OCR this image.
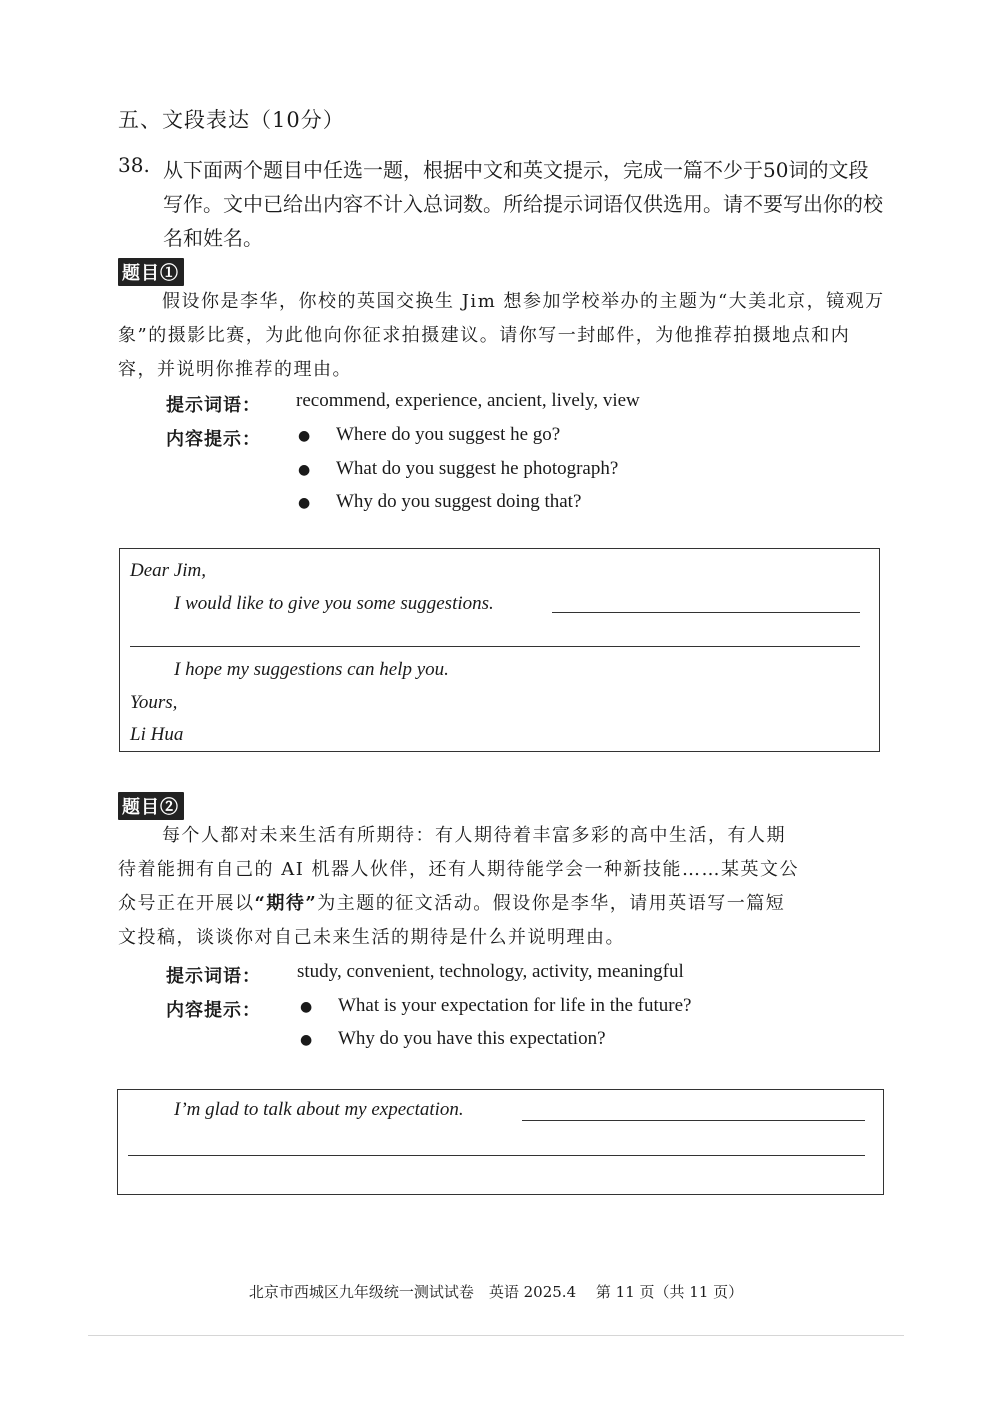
五、文段表达（10分）
38. 从下面两个题目中任选一题，根据中文和英文提示，完成一篇不少于50词的文段写作。文中已给出内容不计入总词数。所给提示词语仅供选用。请不要写出你的校名和姓名。
题目①
假设你是李华，你校的英国交换生 Jim 想参加学校举办的主题为“大美北京，镜观万象”的摄影比赛，为此他向你征求拍摄建议。请你写一封邮件，为他推荐拍摄地点和内容，并说明你推荐的理由。
提示词语： recommend, experience, ancient, lively, view
内容提示：	● Where do you suggest he go?
● What do you suggest he photograph?
● Why do you suggest doing that?
Dear Jim,
I would like to give you some suggestions.
I hope my suggestions can help you.
Yours,
Li Hua
题目②
每个人都对未来生活有所期待：有人期待着丰富多彩的高中生活，有人期
待着能拥有自己的 AI 机器人伙伴，还有人期待能学会一种新技能……某英文公
众号正在开展以“期待”为主题的征文活动。假设你是李华，请用英语写一篇短
文投稿，谈谈你对自己未来生活的期待是什么并说明理由。
提示词语： study, convenient, technology, activity, meaningful
内容提示：	● What is your expectation for life in the future?
● Why do you have this expectation?
I’m glad to talk about my expectation.
北京市西城区九年级统一测试试卷　英语 2025.4　 第 11 页（共 11 页）
